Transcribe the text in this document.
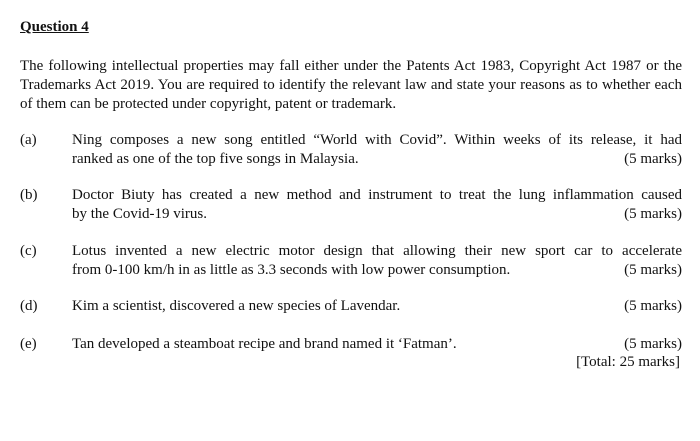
Question 4
The following intellectual properties may fall either under the Patents Act 1983, Copyright Act 1987 or the Trademarks Act 2019. You are required to identify the relevant law and state your reasons as to whether each of them can be protected under copyright, patent or trademark.
(a) Ning composes a new song entitled “World with Covid”. Within weeks of its release, it had
ranked as one of the top five songs in Malaysia.	(5 marks)
(b) Doctor Biuty has created a new method and instrument to treat the lung inflammation caused
by the Covid-19 virus.	(5 marks)
(c) Lotus invented a new electric motor design that allowing their new sport car to accelerate
from 0-100 km/h in as little as 3.3 seconds with low power consumption.	(5 marks)
(d) Kim a scientist, discovered a new species of Lavendar.	(5 marks)
(e) Tan developed a steamboat recipe and brand named it ‘Fatman’.	(5 marks)
[Total: 25 marks]
